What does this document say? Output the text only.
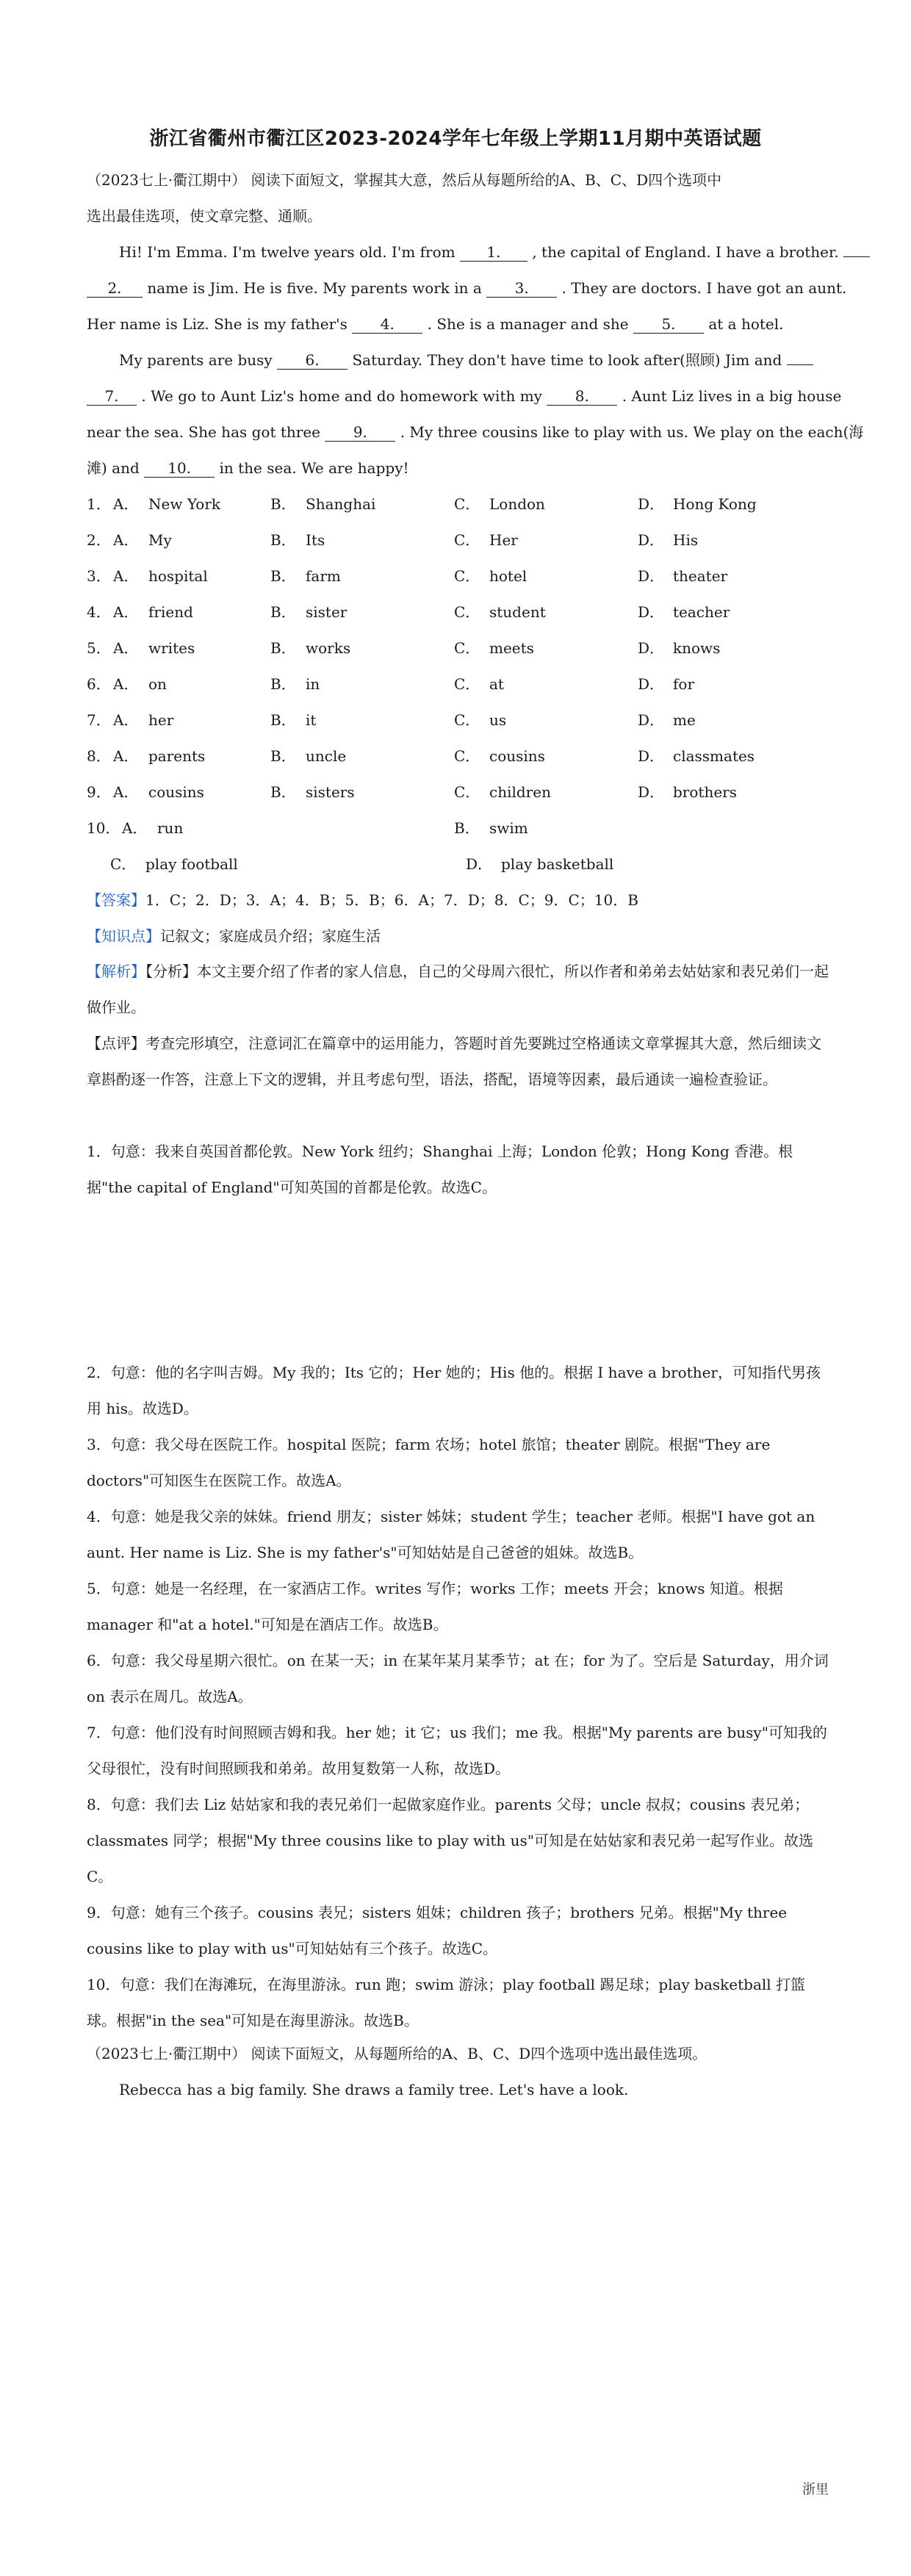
浙江省衢州市衢江区2023-2024学年七年级上学期11月期中英语试题
（2023七上·衢江期中） 阅读下面短文，掌握其大意，然后从每题所给的A、B、C、D四个选项中
选出最佳选项，使文章完整、通顺。
Hi! I'm Emma. I'm twelve years old. I'm from 1. , the capital of England. I have a brother.
2. name is Jim. He is five. My parents work in a 3. . They are doctors. I have got an aunt.
Her name is Liz. She is my father's 4. . She is a manager and she 5. at a hotel.
My parents are busy 6. Saturday. They don't have time to look after(照顾) Jim and
7. . We go to Aunt Liz's home and do homework with my 8. . Aunt Liz lives in a big house
near the sea. She has got three 9. . My three cousins like to play with us. We play on the each(海
滩) and 10. in the sea. We are happy!
1． A． New York	B． Shanghai	C． London	D． Hong Kong
2． A． My	B． Its	C． Her	D． His
3． A． hospital	B． farm	C． hotel	D． theater
4． A． friend	B． sister	C． student	D． teacher
5． A． writes	B． works	C． meets	D． knows
6． A． on	B． in	C． at	D． for
7． A． her	B． it	C． us	D． me
8． A． parents	B． uncle	C． cousins	D． classmates
9． A． cousins	B． sisters	C． children	D． brothers
10． A． run	B． swim
C． play football	D． play basketball
【答案】1．C；2．D；3．A；4．B；5．B；6．A；7．D；8．C；9．C；10．B
【知识点】记叙文；家庭成员介绍；家庭生活
【解析】【分析】本文主要介绍了作者的家人信息，自己的父母周六很忙，所以作者和弟弟去姑姑家和表兄弟们一起做作业。
【点评】考查完形填空，注意词汇在篇章中的运用能力，答题时首先要跳过空格通读文章掌握其大意，然后细读文章斟酌逐一作答，注意上下文的逻辑，并且考虑句型，语法，搭配，语境等因素，最后通读一遍检查验证。
1．句意：我来自英国首都伦敦。New York 纽约；Shanghai 上海；London 伦敦；Hong Kong 香港。根据"the capital of England"可知英国的首都是伦敦。故选C。
2．句意：他的名字叫吉姆。My 我的；Its 它的；Her 她的；His 他的。根据 I have a brother，可知指代男孩用 his。故选D。
3．句意：我父母在医院工作。hospital 医院；farm 农场；hotel 旅馆；theater 剧院。根据"They are doctors"可知医生在医院工作。故选A。
4．句意：她是我父亲的妹妹。friend 朋友；sister 姊妹；student 学生；teacher 老师。根据"I have got an aunt. Her name is Liz. She is my father's"可知姑姑是自己爸爸的姐妹。故选B。
5．句意：她是一名经理，在一家酒店工作。writes 写作；works 工作；meets 开会；knows 知道。根据 manager 和"at a hotel."可知是在酒店工作。故选B。
6．句意：我父母星期六很忙。on 在某一天；in 在某年某月某季节；at 在；for 为了。空后是 Saturday，用介词 on 表示在周几。故选A。
7．句意：他们没有时间照顾吉姆和我。her 她；it 它；us 我们；me 我。根据"My parents are busy"可知我的父母很忙，没有时间照顾我和弟弟。故用复数第一人称，故选D。
8．句意：我们去 Liz 姑姑家和我的表兄弟们一起做家庭作业。parents 父母；uncle 叔叔；cousins 表兄弟；classmates 同学；根据"My three cousins like to play with us"可知是在姑姑家和表兄弟一起写作业。故选C。
9．句意：她有三个孩子。cousins 表兄；sisters 姐妹；children 孩子；brothers 兄弟。根据"My three cousins like to play with us"可知姑姑有三个孩子。故选C。
10．句意：我们在海滩玩，在海里游泳。run 跑；swim 游泳；play football 踢足球；play basketball 打篮球。根据"in the sea"可知是在海里游泳。故选B。
（2023七上·衢江期中） 阅读下面短文，从每题所给的A、B、C、D四个选项中选出最佳选项。
Rebecca has a big family. She draws a family tree. Let's have a look.
浙里
